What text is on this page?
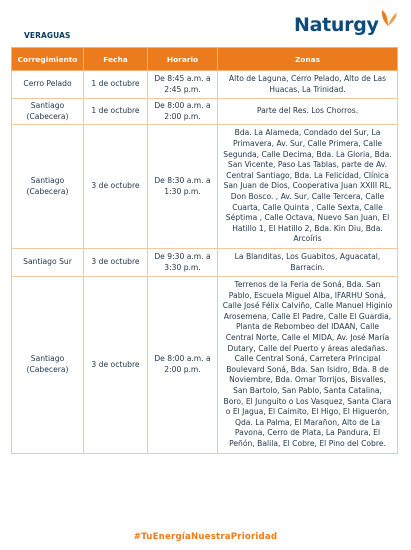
VERAGUAS	Naturgy
Corregimiento	Fecha	Horario	Zonas
Cerro Pelado	1 de octubre	De 8:45 a.m. a 2:45 p.m.	Alto de Laguna, Cerro Pelado, Alto de Las Huacas, La Trinidad.
Santiago (Cabecera)	1 de octubre	De 8:00 a.m. a 2:00 p.m.	Parte del Res. Los Chorros.
Santiago (Cabecera)	3 de octubre	De 8:30 a.m. a 1:30 p.m.	Bda. La Alameda, Condado del Sur, La Primavera, Av. Sur, Calle Primera, Calle Segunda, Calle Decima, Bda. La Gloria, Bda. San Vicente, Paso Las Tablas, parte de Av. Central Santiago, Bda. La Felicidad, Clínica San Juan de Dios, Cooperativa Juan XXIII RL, Don Bosco. , Av. Sur, Calle Tercera, Calle Cuarta, Calle Quinta , Calle Sexta, Calle Séptima , Calle Octava, Nuevo San Juan, El Hatillo 1, El Hatillo 2, Bda. Kin Diu, Bda. Arcoíris
Santiago Sur	3 de octubre	De 9:30 a.m. a 3:30 p.m.	La Blanditas, Los Guabitos, Aguacatal, Barracin.
Santiago (Cabecera)	3 de octubre	De 8:00 a.m. a 2:00 p.m.	Terrenos de la Feria de Soná, Bda. San Pablo, Escuela Miguel Alba, IFARHU Soná, Calle José Félix Calviño, Calle Manuel Higinio Arosemena, Calle El Padre, Calle El Guardia, Planta de Rebombeo del IDAAN, Calle Central Norte, Calle el MIDA, Av. José María Dutary, Calle del Puerto y áreas aledañas. Calle Central Soná, Carretera Principal Boulevard Soná, Bda. San Isidro, Bda. 8 de Noviembre, Bda. Omar Torrijos, Bisvalles, San Bartolo, San Pablo, Santa Catalina, Boro, El Junguito o Los Vasquez, Santa Clara o El Jagua, El Caimito, El Higo, El Higuerón, Qda. La Palma, El Marañon, Alto de La Pavona, Cerro de Plata, La Pandura, El Peñón, Balila, El Cobre, El Pino del Cobre.
#TuEnergíaNuestraPrioridad
